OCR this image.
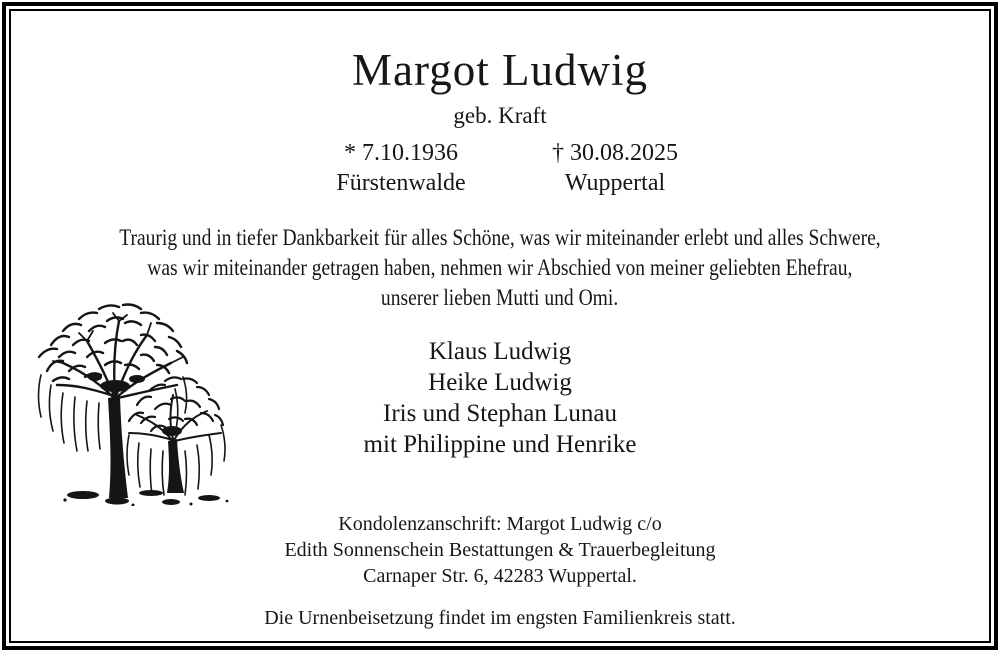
Margot Ludwig
geb. Kraft
* 7.10.1936
Fürstenwalde
† 30.08.2025
Wuppertal
Traurig und in tiefer Dankbarkeit für alles Schöne, was wir miteinander erlebt und alles Schwere,
was wir miteinander getragen haben, nehmen wir Abschied von meiner geliebten Ehefrau,
unserer lieben Mutti und Omi.
Klaus Ludwig
Heike Ludwig
Iris und Stephan Lunau
mit Philippine und Henrike
Kondolenzanschrift: Margot Ludwig c/o
Edith Sonnenschein Bestattungen & Trauerbegleitung
Carnaper Str. 6, 42283 Wuppertal.
Die Urnenbeisetzung findet im engsten Familienkreis statt.
